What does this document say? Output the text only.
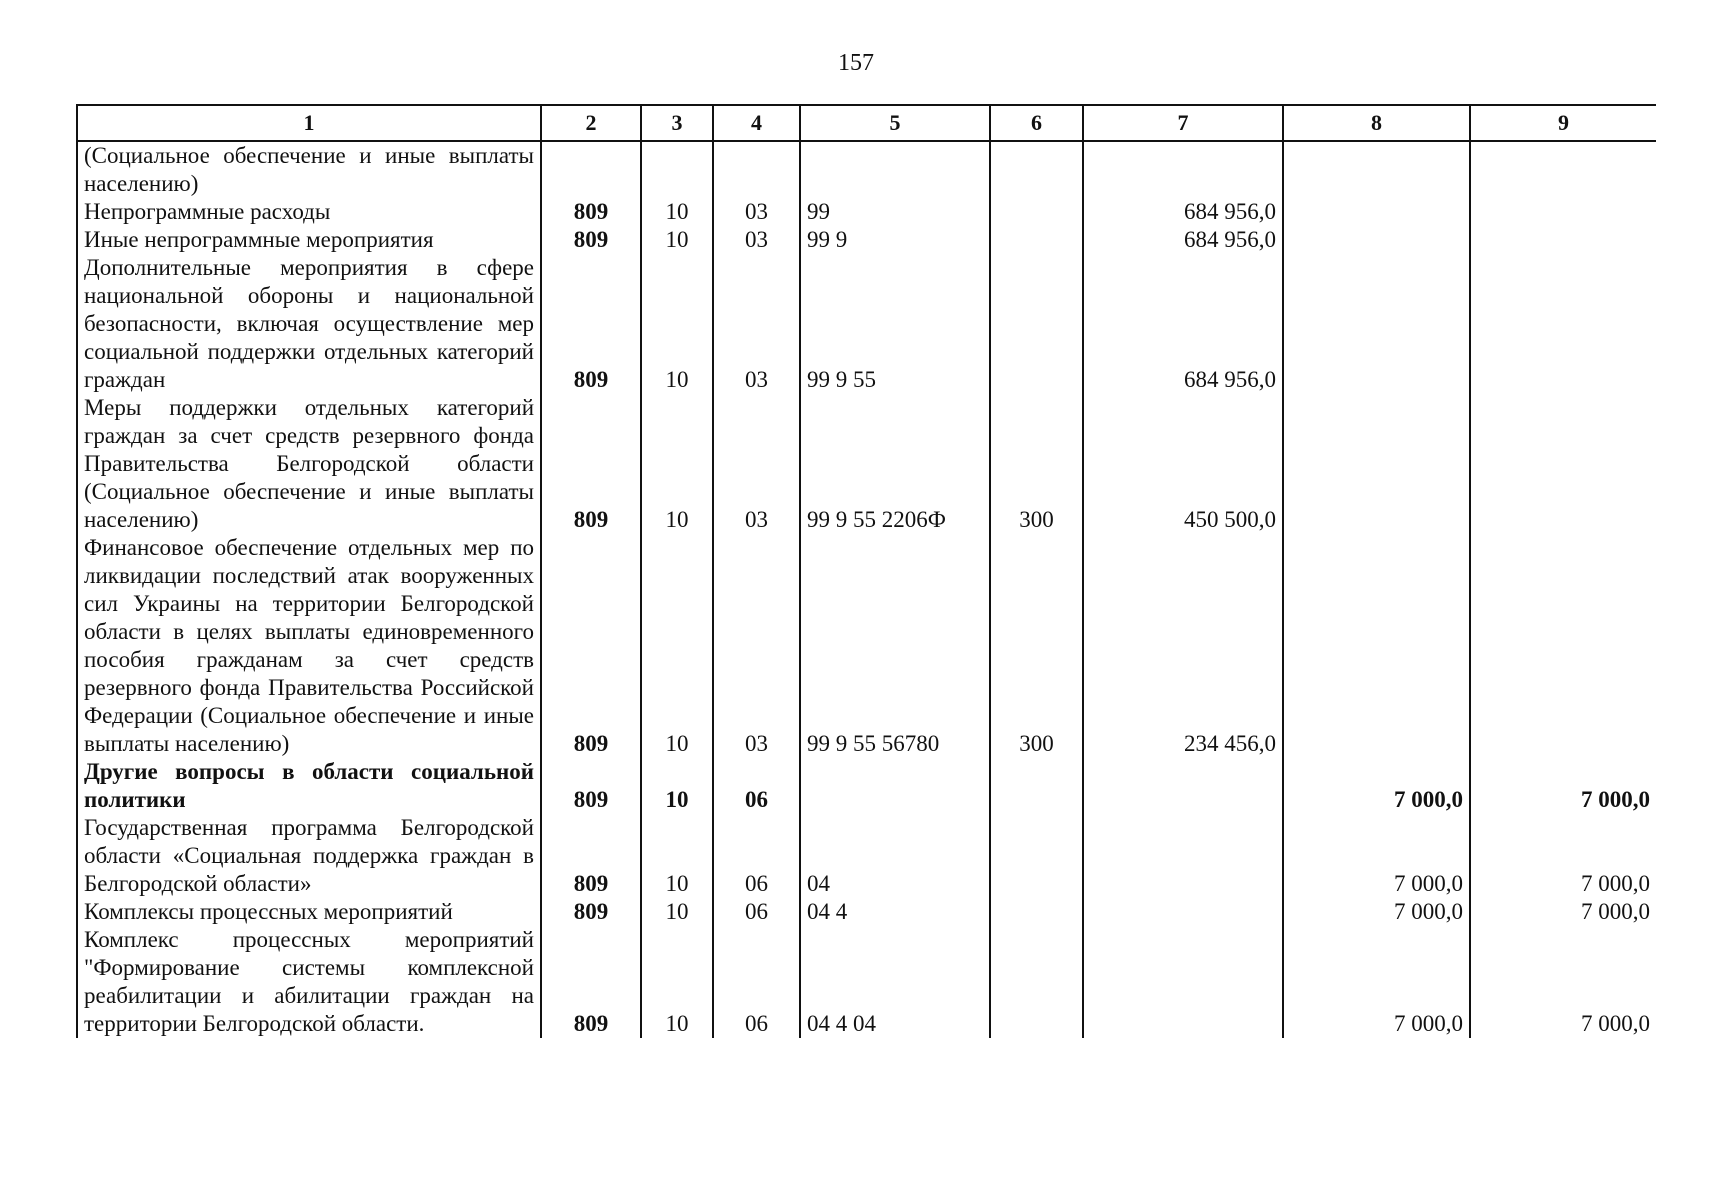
157
1	2	3	4	5	6	7	8	9
(Социальное обеспечение и иные выплаты населению)								
Непрограммные расходы	809	10	03	99		684 956,0		
Иные непрограммные мероприятия	809	10	03	99 9		684 956,0		
Дополнительные мероприятия в сфере национальной обороны и национальной безопасности, включая осуществление мер социальной поддержки отдельных категорий граждан	809	10	03	99 9 55		684 956,0		
Меры поддержки отдельных категорий граждан за счет средств резервного фонда Правительства Белгородской области (Социальное обеспечение и иные выплаты населению)	809	10	03	99 9 55 2206Ф	300	450 500,0		
Финансовое обеспечение отдельных мер по ликвидации последствий атак вооруженных сил Украины на территории Белгородской области в целях выплаты единовременного пособия гражданам за счет средств резервного фонда Правительства Российской Федерации (Социальное обеспечение и иные выплаты населению)	809	10	03	99 9 55 56780	300	234 456,0		
Другие вопросы в области социальной политики	809	10	06				7 000,0	7 000,0
Государственная программа Белгородской области «Социальная поддержка граждан в Белгородской области»	809	10	06	04			7 000,0	7 000,0
Комплексы процессных мероприятий	809	10	06	04 4			7 000,0	7 000,0
Комплекс процессных мероприятий "Формирование системы комплексной реабилитации и абилитации граждан на территории Белгородской области.	809	10	06	04 4 04			7 000,0	7 000,0
